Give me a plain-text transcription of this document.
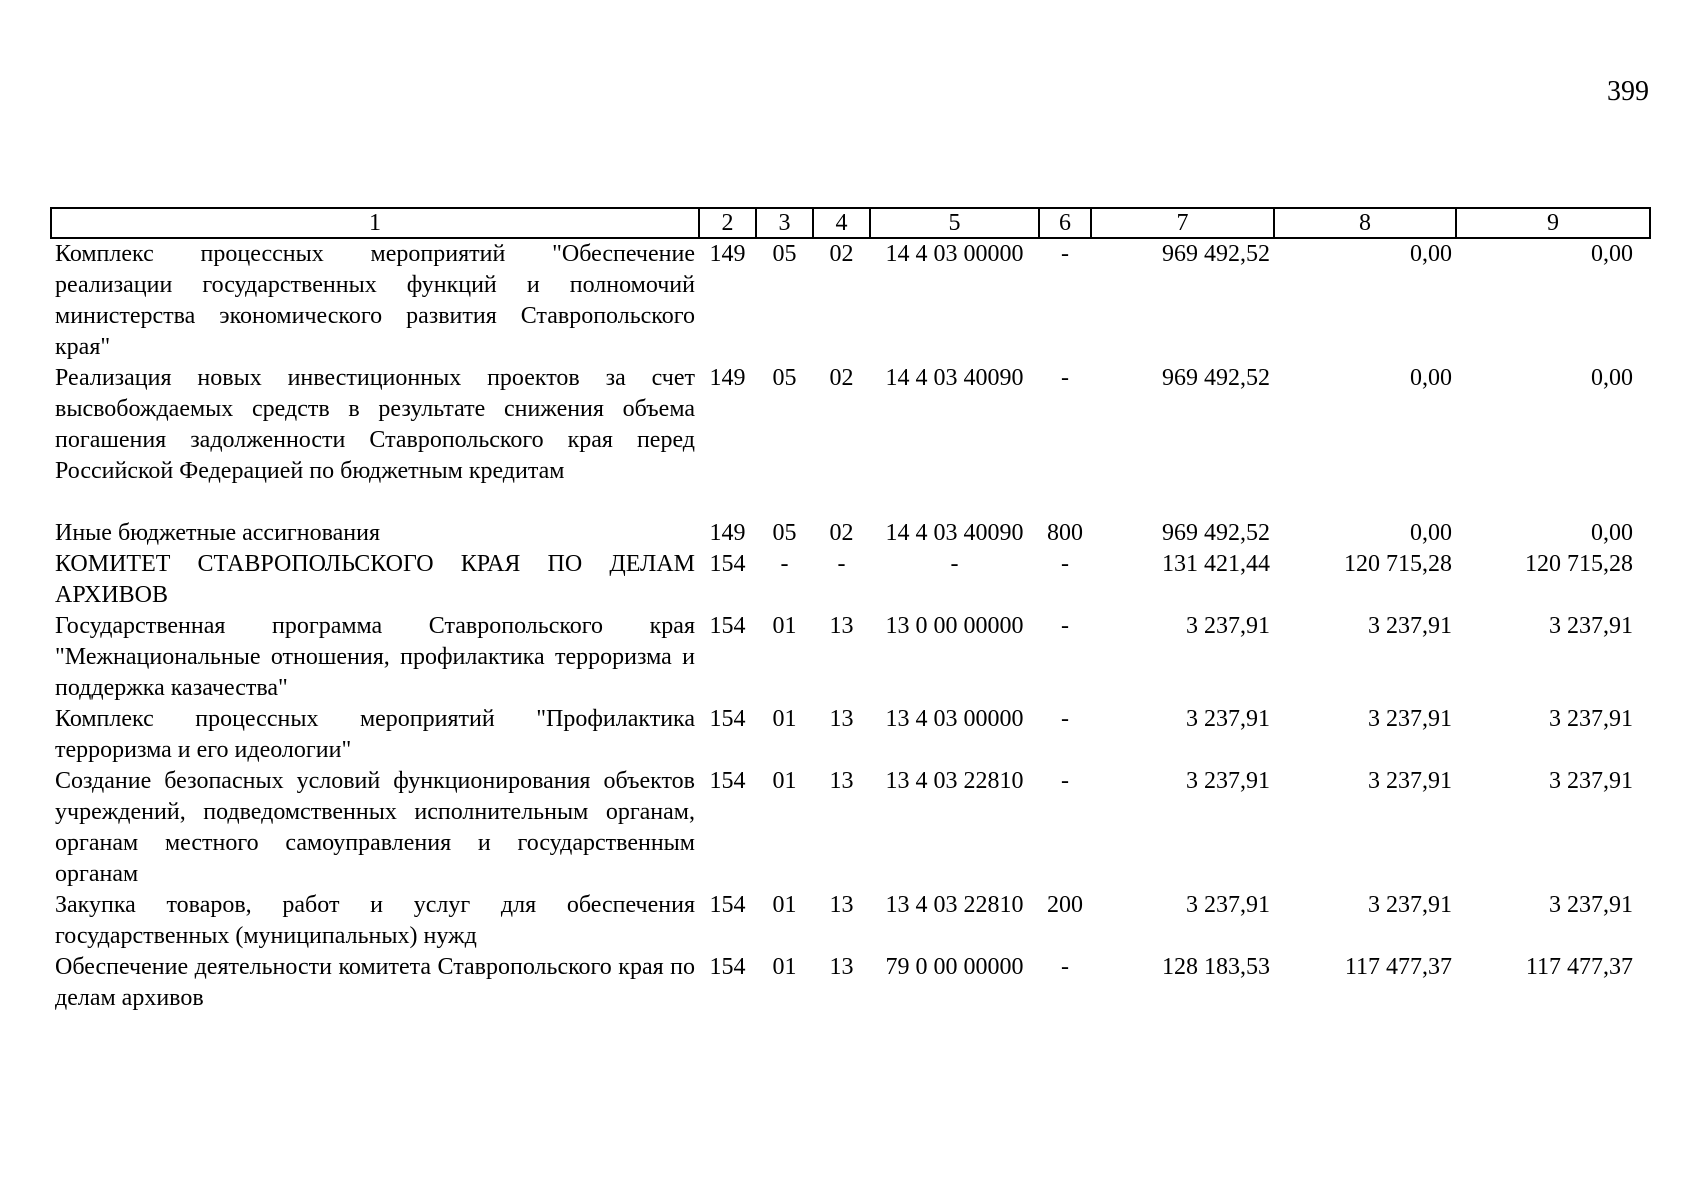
399
1	2	3	4	5	6	7	8	9
Комплекс процессных мероприятий "Обеспечение реализации государственных функций и полномочий министерства экономического развития Ставропольского края"	149	05	02	14 4 03 00000	-	969 492,52	0,00	0,00
Реализация новых инвестиционных проектов за счет высвобождаемых средств в результате снижения объема погашения задолженности Ставропольского края перед Российской Федерацией по бюджетным кредитам	149	05	02	14 4 03 40090	-	969 492,52	0,00	0,00

Иные бюджетные ассигнования	149	05	02	14 4 03 40090	800	969 492,52	0,00	0,00
КОМИТЕТ СТАВРОПОЛЬСКОГО КРАЯ ПО ДЕЛАМ АРХИВОВ	154	-	-	-	-	131 421,44	120 715,28	120 715,28
Государственная программа Ставропольского края "Межнациональные отношения, профилактика терроризма и поддержка казачества"	154	01	13	13 0 00 00000	-	3 237,91	3 237,91	3 237,91
Комплекс процессных мероприятий "Профилактика терроризма и его идеологии"	154	01	13	13 4 03 00000	-	3 237,91	3 237,91	3 237,91
Создание безопасных условий функционирования объектов учреждений, подведомственных исполнительным органам, органам местного самоуправления и государственным органам	154	01	13	13 4 03 22810	-	3 237,91	3 237,91	3 237,91
Закупка товаров, работ и услуг для обеспечения государственных (муниципальных) нужд	154	01	13	13 4 03 22810	200	3 237,91	3 237,91	3 237,91
Обеспечение деятельности комитета Ставропольского края по делам архивов	154	01	13	79 0 00 00000	-	128 183,53	117 477,37	117 477,37
